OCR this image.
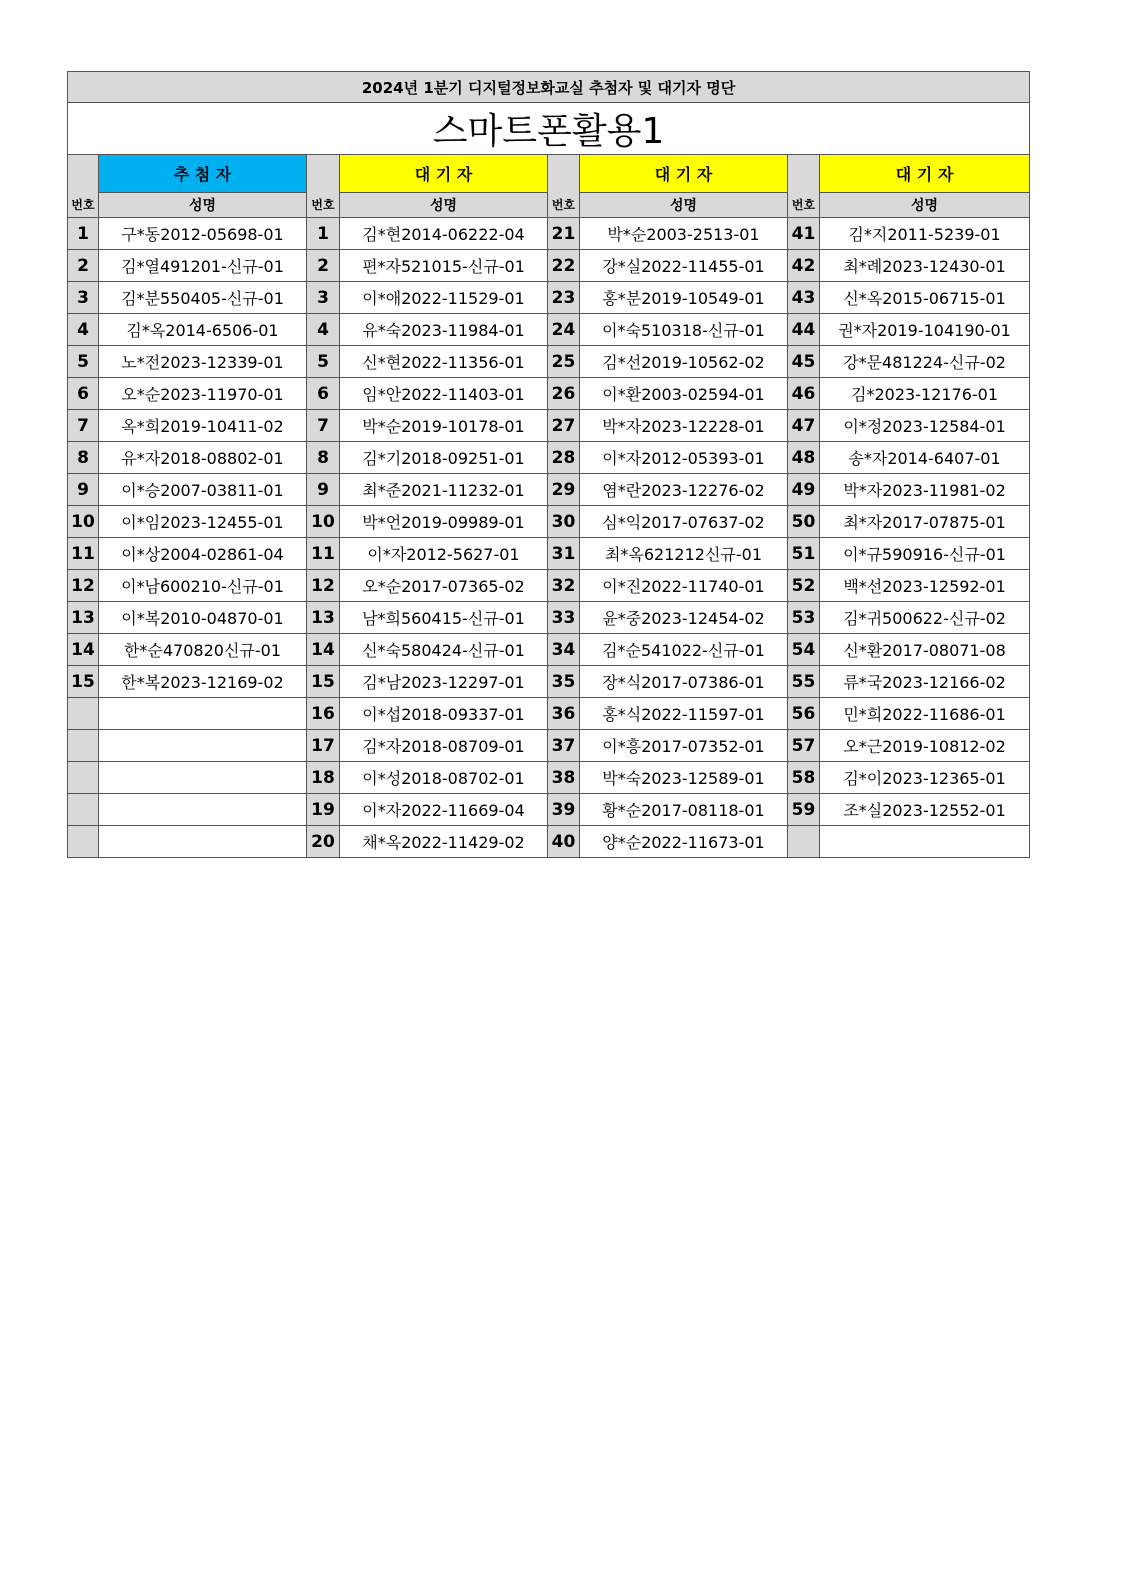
2024년 1분기 디지털정보화교실 추첨자 및 대기자 명단							
스마트폰활용1							
번호	추 첨 자	번호	대 기 자	번호	대 기 자	번호	대 기 자
	성명		성명		성명		성명
1	구*동2012-05698-01	1	김*현2014-06222-04	21	박*순2003-2513-01	41	김*지2011-5239-01
2	김*열491201-신규-01	2	편*자521015-신규-01	22	강*실2022-11455-01	42	최*례2023-12430-01
3	김*분550405-신규-01	3	이*애2022-11529-01	23	홍*분2019-10549-01	43	신*옥2015-06715-01
4	김*옥2014-6506-01	4	유*숙2023-11984-01	24	이*숙510318-신규-01	44	권*자2019-104190-01
5	노*전2023-12339-01	5	신*현2022-11356-01	25	김*선2019-10562-02	45	강*문481224-신규-02
6	오*순2023-11970-01	6	임*안2022-11403-01	26	이*환2003-02594-01	46	김*2023-12176-01
7	옥*희2019-10411-02	7	박*순2019-10178-01	27	박*자2023-12228-01	47	이*정2023-12584-01
8	유*자2018-08802-01	8	김*기2018-09251-01	28	이*자2012-05393-01	48	송*자2014-6407-01
9	이*승2007-03811-01	9	최*준2021-11232-01	29	염*란2023-12276-02	49	박*자2023-11981-02
10	이*임2023-12455-01	10	박*언2019-09989-01	30	심*익2017-07637-02	50	최*자2017-07875-01
11	이*상2004-02861-04	11	이*자2012-5627-01	31	최*옥621212신규-01	51	이*규590916-신규-01
12	이*남600210-신규-01	12	오*순2017-07365-02	32	이*진2022-11740-01	52	백*선2023-12592-01
13	이*복2010-04870-01	13	남*희560415-신규-01	33	윤*중2023-12454-02	53	김*귀500622-신규-02
14	한*순470820신규-01	14	신*숙580424-신규-01	34	김*순541022-신규-01	54	신*환2017-08071-08
15	한*복2023-12169-02	15	김*남2023-12297-01	35	장*식2017-07386-01	55	류*국2023-12166-02
		16	이*섭2018-09337-01	36	홍*식2022-11597-01	56	민*희2022-11686-01
		17	김*자2018-08709-01	37	이*흥2017-07352-01	57	오*근2019-10812-02
		18	이*성2018-08702-01	38	박*숙2023-12589-01	58	김*이2023-12365-01
		19	이*자2022-11669-04	39	황*순2017-08118-01	59	조*실2023-12552-01
		20	채*옥2022-11429-02	40	양*순2022-11673-01		
